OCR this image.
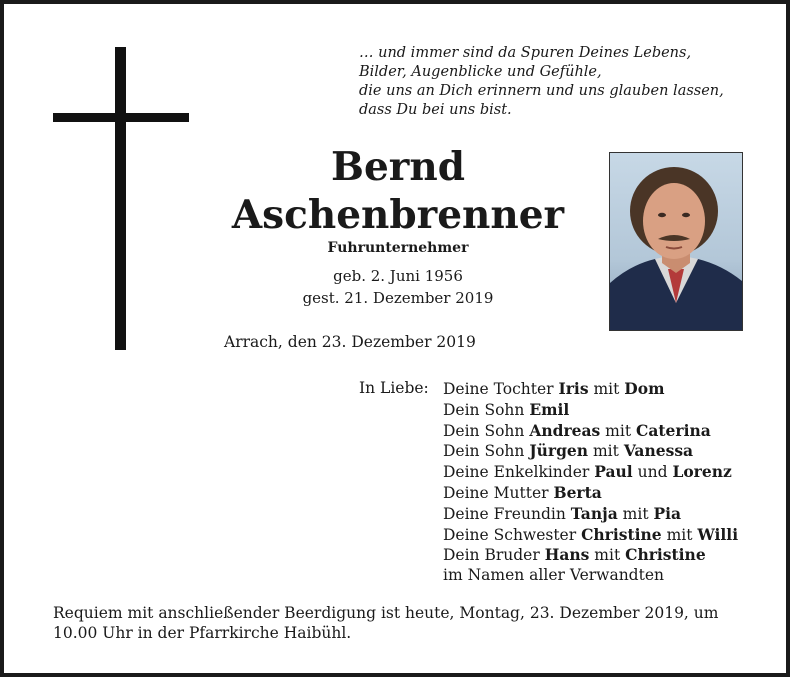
… und immer sind da Spuren Deines Lebens,
Bilder, Augenblicke und Gefühle,
die uns an Dich erinnern und uns glauben lassen,
dass Du bei uns bist.
Bernd
Aschenbrenner
Fuhrunternehmer
geb. 2. Juni 1956
gest. 21. Dezember 2019
Arrach, den 23. Dezember 2019
In Liebe: Deine Tochter Iris mit Dom
Dein Sohn Emil
Dein Sohn Andreas mit Caterina
Dein Sohn Jürgen mit Vanessa
Deine Enkelkinder Paul und Lorenz
Deine Mutter Berta
Deine Freundin Tanja mit Pia
Deine Schwester Christine mit Willi
Dein Bruder Hans mit Christine
im Namen aller Verwandten
Requiem mit anschließender Beerdigung ist heute, Montag, 23. Dezember 2019, um 10.00 Uhr in der Pfarrkirche Haibühl.
